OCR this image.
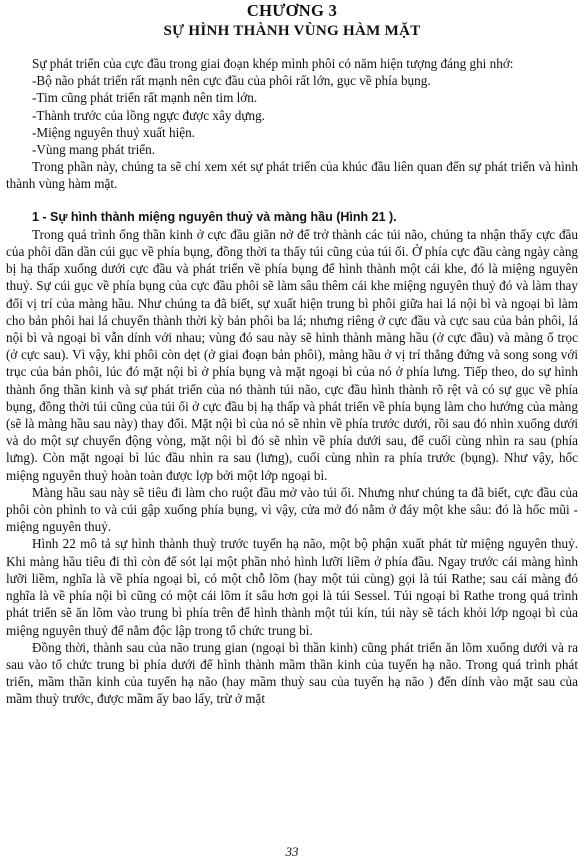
CHƯƠNG 3
SỰ HÌNH THÀNH VÙNG HÀM MẶT

Sự phát triển của cực đầu trong giai đoạn khép mình phôi có năm hiện tượng đáng ghi nhớ:

-Bộ não phát triển rất mạnh nên cực đầu của phôi rất lớn, gục về phía bụng.

-Tim cũng phát triển rất mạnh nên tim lớn.

-Thành trước của lồng ngực được xây dựng.

-Miệng nguyên thuỷ xuất hiện.

-Vùng mang phát triển.

Trong phần này, chúng ta sẽ chỉ xem xét sự phát triển của khúc đầu liên quan đến sự phát triển và hình thành vùng hàm mặt.

1 - Sự hình thành miệng nguyên thuỷ và màng hầu (Hình 21 ).

Trong quá trình ống thần kinh ở cực đầu giãn nở để trở thành các túi não, chúng ta nhận thấy cực đầu của phôi dần dần cúi gục về phía bụng, đồng thời ta thấy túi cũng của túi ối. Ở phía cực đầu càng ngày càng bị hạ thấp xuống dưới cực đầu và phát triển về phía bụng để hình thành một cái khe, đó là miệng nguyên thuỷ. Sự cúi gục về phía bụng của cực đầu phôi sẽ làm sâu thêm cái khe miệng nguyên thuỷ đó và làm thay đổi vị trí của màng hầu. Như chúng ta đã biết, sự xuất hiện trung bì phôi giữa hai lá nội bì và ngoại bì làm cho bản phôi hai lá chuyển thành thời kỳ bản phôi ba lá; nhưng riêng ở cực đầu và cực sau của bản phôi, lá nội bì và ngoại bì vẫn dính với nhau; vùng đó sau này sẽ hình thành màng hầu (ở cực đầu) và màng ổ trọc (ở cực sau). Vì vậy, khi phôi còn dẹt (ở giai đoạn bản phôi), màng hầu ở vị trí thẳng đứng và song song với trục của bản phôi, lúc đó mặt nội bì ở phía bụng và mặt ngoại bì của nó ở phía lưng. Tiếp theo, do sự hình thành ống thần kinh và sự phát triển của nó thành túi não, cực đầu hình thành rõ rệt và có sự gục về phía bụng, đồng thời túi cũng của túi ối ở cực đầu bị hạ thấp và phát triển về phía bụng làm cho hướng của màng (sẽ là màng hầu sau này) thay đổi. Mặt nội bì của nó sẽ nhìn về phía trước dưới, rồi sau đó nhìn xuống dưới và do một sự chuyển động vòng, mặt nội bì đó sẽ nhìn về phía dưới sau, để cuối cùng nhìn ra sau (phía lưng). Còn mặt ngoại bì lúc đầu nhìn ra sau (lưng), cuối cùng nhìn ra phía trước (bụng). Như vậy, hốc miệng nguyên thuỷ hoàn toàn được lợp bởi một lớp ngoại bì.

Màng hầu sau này sẽ tiêu đi làm cho ruột đầu mở vào túi ối. Nhưng như chúng ta đã biết, cực đầu của phôi còn phình to và cúi gập xuống phía bụng, vì vậy, cửa mở đó nằm ở đáy một khe sâu: đó là hốc mũi - miệng nguyên thuỷ.

Hình 22 mô tả sự hình thành thuỳ trước tuyến hạ não, một bộ phận xuất phát từ miệng nguyên thuỷ. Khi màng hầu tiêu đi thì còn để sót lại một phần nhỏ hình lưỡi liềm ở phía đầu. Ngay trước cái màng hình lưỡi liềm, nghĩa là về phía ngoại bì, có một chỗ lõm (hay một túi cùng) gọi là túi Rathe; sau cái màng đó nghĩa là về phía nội bì cũng có một cái lõm ít sâu hơn gọi là túi Sessel. Túi ngoại bì Rathe trong quá trình phát triển sẽ ăn lõm vào trung bì phía trên để hình thành một túi kín, túi này sẽ tách khỏi lớp ngoại bì của miệng nguyên thuỷ để nằm độc lập trong tổ chức trung bì.

Đồng thời, thành sau của não trung gian (ngoại bì thần kinh) cũng phát triển ăn lõm xuống dưới và ra sau vào tổ chức trung bì phía dưới để hình thành mầm thần kinh của tuyến hạ não. Trong quá trình phát triển, mầm thần kinh của tuyến hạ não (hay mầm thuỳ sau của tuyến hạ não ) đến dính vào mặt sau của mầm thuỳ trước, được mầm ấy bao lấy, trừ ở mặt

33
